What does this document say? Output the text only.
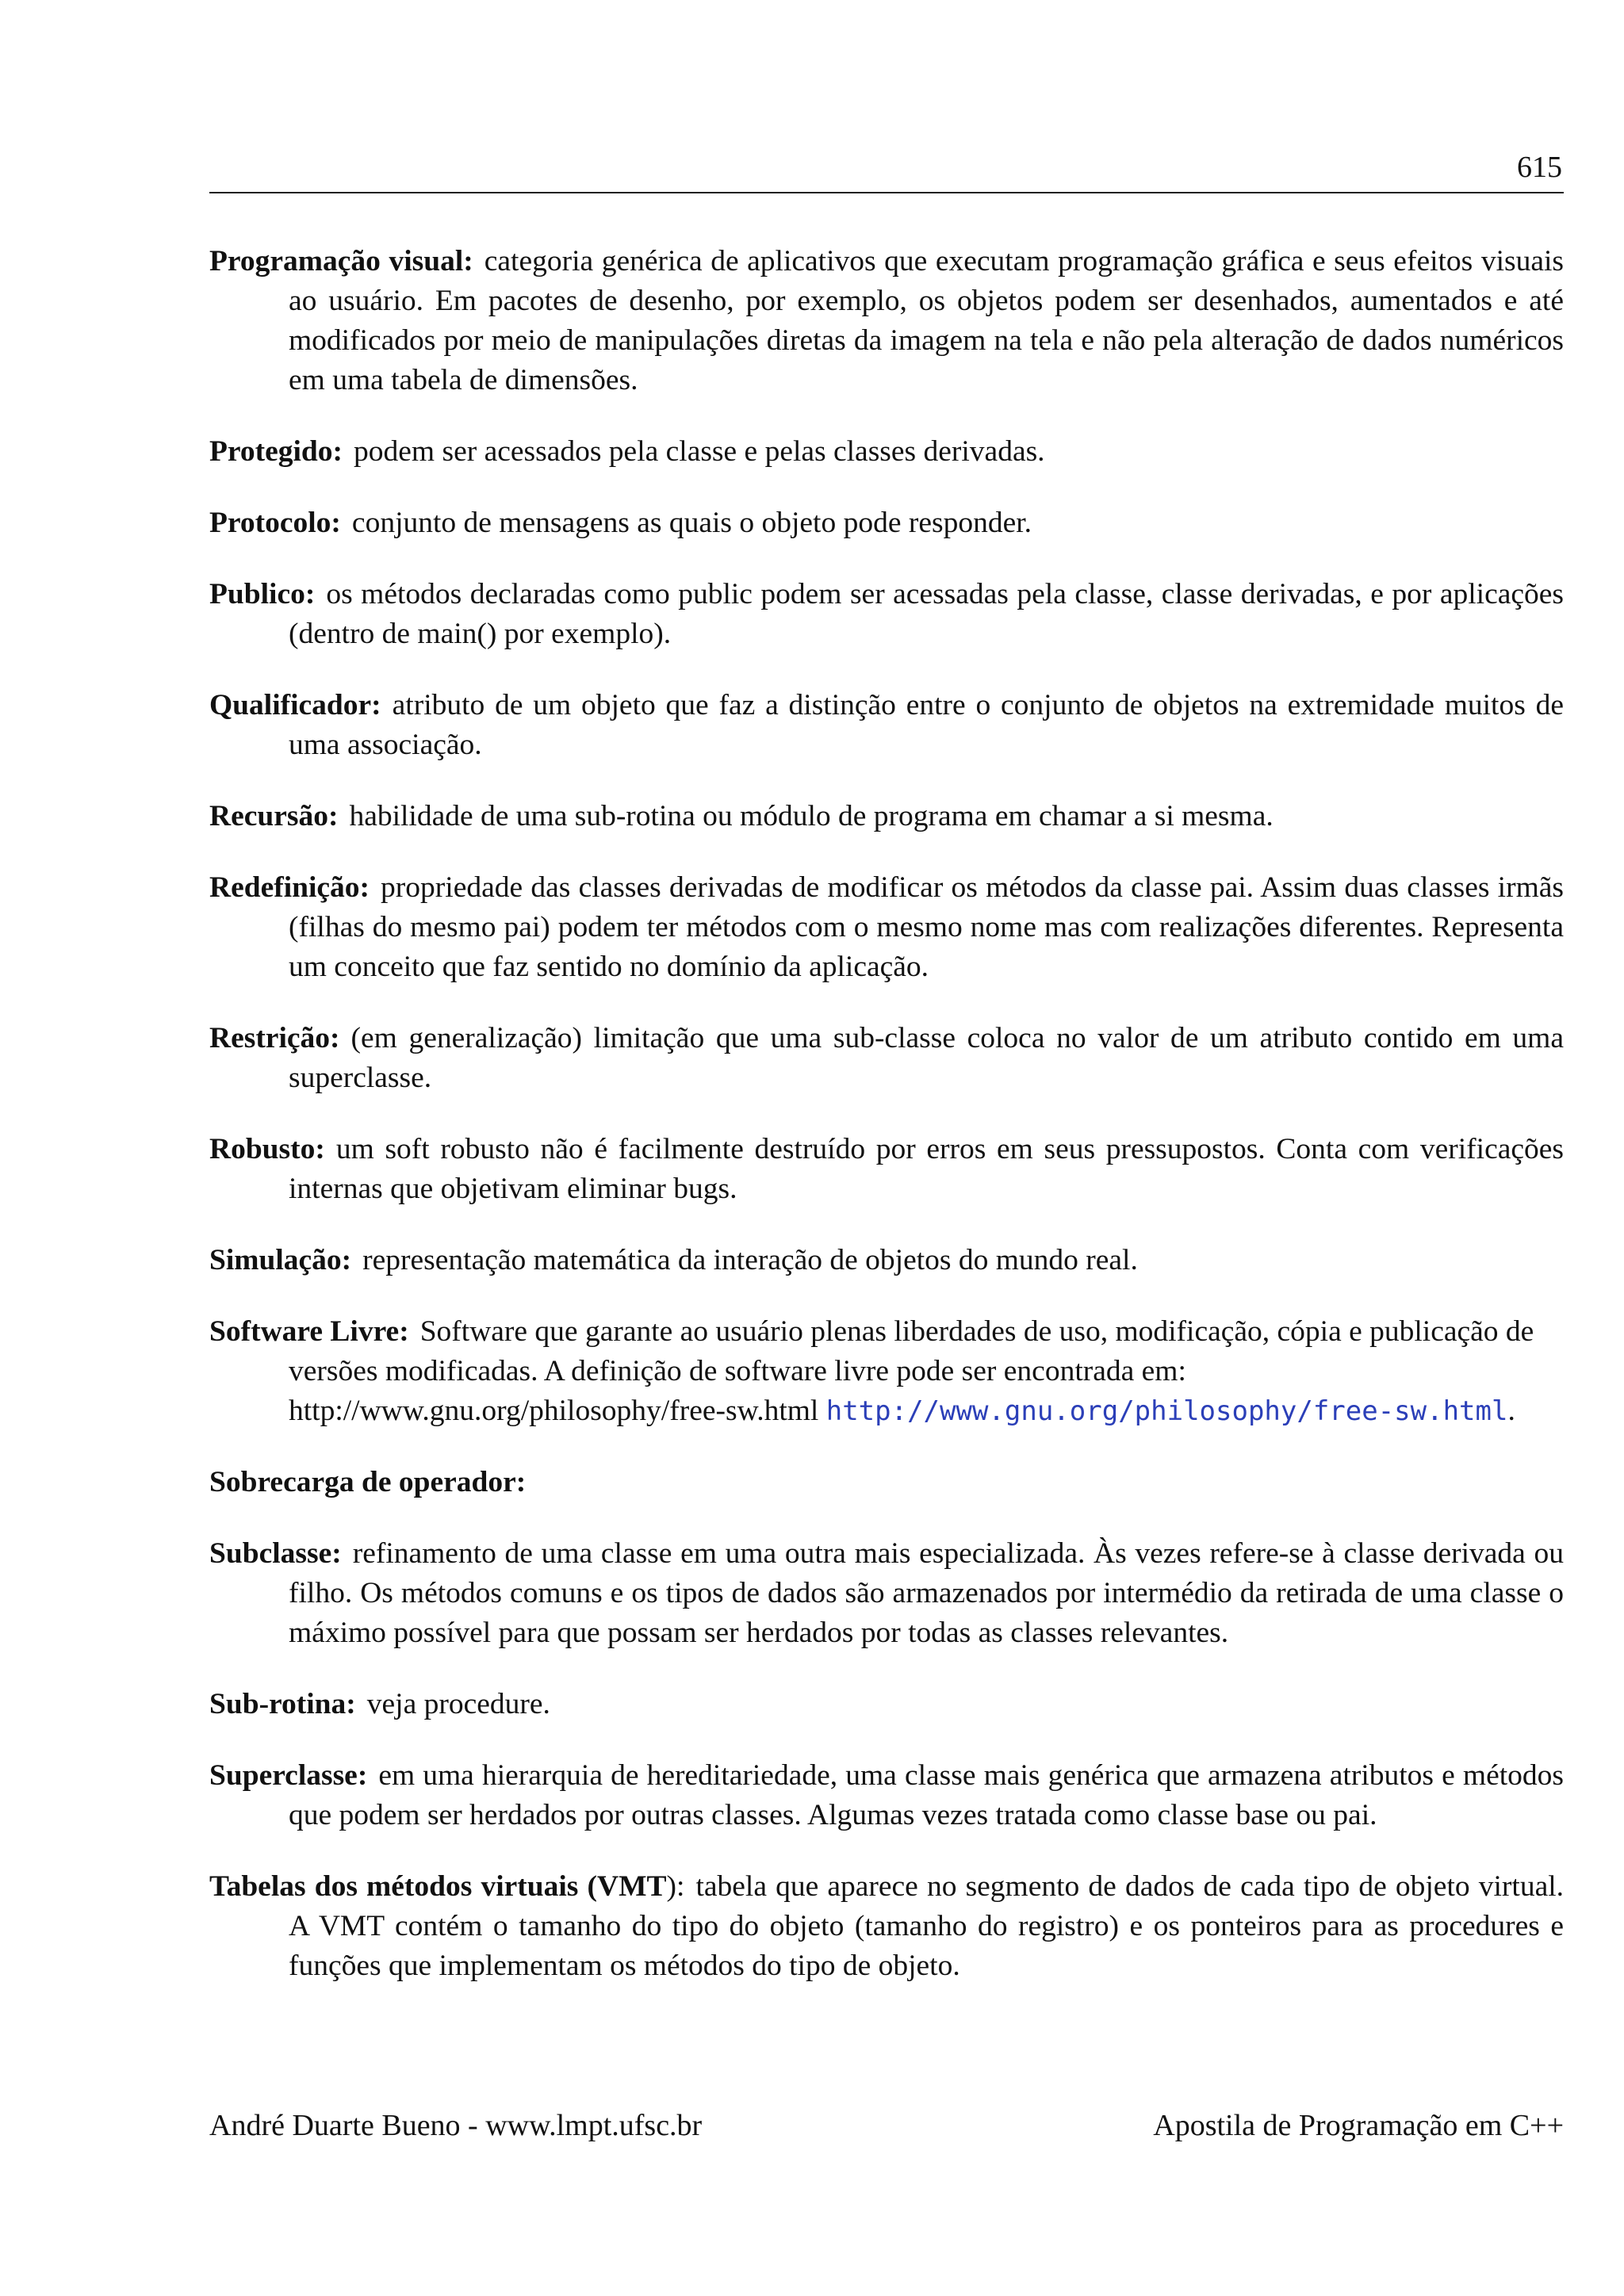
615

Programação visual: categoria genérica de aplicativos que executam programação gráfica e seus efeitos visuais ao usuário. Em pacotes de desenho, por exemplo, os objetos podem ser desenhados, aumentados e até modificados por meio de manipulações diretas da imagem na tela e não pela alteração de dados numéricos em uma tabela de dimensões.

Protegido: podem ser acessados pela classe e pelas classes derivadas.

Protocolo: conjunto de mensagens as quais o objeto pode responder.

Publico: os métodos declaradas como public podem ser acessadas pela classe, classe derivadas, e por aplicações (dentro de main() por exemplo).

Qualificador: atributo de um objeto que faz a distinção entre o conjunto de objetos na extremidade muitos de uma associação.

Recursão: habilidade de uma sub-rotina ou módulo de programa em chamar a si mesma.

Redefinição: propriedade das classes derivadas de modificar os métodos da classe pai. Assim duas classes irmãs (filhas do mesmo pai) podem ter métodos com o mesmo nome mas com realizações diferentes. Representa um conceito que faz sentido no domínio da aplicação.

Restrição: (em generalização) limitação que uma sub-classe coloca no valor de um atributo contido em uma superclasse.

Robusto: um soft robusto não é facilmente destruído por erros em seus pressupostos. Conta com verificações internas que objetivam eliminar bugs.

Simulação: representação matemática da interação de objetos do mundo real.

Software Livre: Software que garante ao usuário plenas liberdades de uso, modificação, cópia e publicação de versões modificadas. A definição de software livre pode ser encontrada em: http://www.gnu.org/philosophy/free-sw.html http://www.gnu.org/philosophy/free-sw.html.

Sobrecarga de operador:

Subclasse: refinamento de uma classe em uma outra mais especializada. Às vezes refere-se à classe derivada ou filho. Os métodos comuns e os tipos de dados são armazenados por intermédio da retirada de uma classe o máximo possível para que possam ser herdados por todas as classes relevantes.

Sub-rotina: veja procedure.

Superclasse: em uma hierarquia de hereditariedade, uma classe mais genérica que armazena atributos e métodos que podem ser herdados por outras classes. Algumas vezes tratada como classe base ou pai.

Tabelas dos métodos virtuais (VMT): tabela que aparece no segmento de dados de cada tipo de objeto virtual. A VMT contém o tamanho do tipo do objeto (tamanho do registro) e os ponteiros para as procedures e funções que implementam os métodos do tipo de objeto.

André Duarte Bueno - www.lmpt.ufsc.br	Apostila de Programação em C++
